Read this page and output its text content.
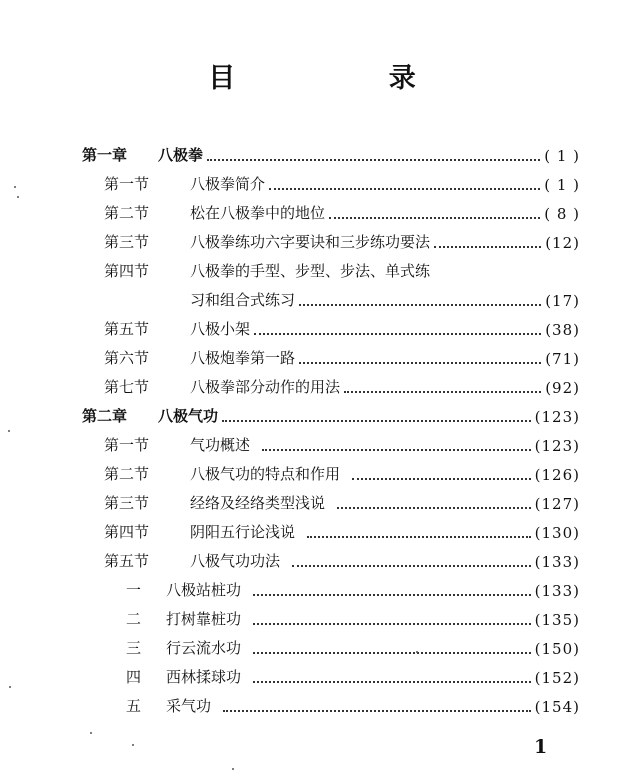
目 录
第一章	八极拳	( 1 )
第一节	八极拳简介	( 1 )
第二节	松在八极拳中的地位	( 8 )
第三节	八极拳练功六字要诀和三步练功要法	(12)
第四节	八极拳的手型、步型、步法、单式练
习和组合式练习	(17)
第五节	八极小架	(38)
第六节	八极炮拳第一路	(71)
第七节	八极拳部分动作的用法	(92)
第二章	八极气功	(123)
第一节	气功概述	(123)
第二节	八极气功的特点和作用	(126)
第三节	经络及经络类型浅说	(127)
第四节	阴阳五行论浅说	(130)
第五节	八极气功功法	(133)
一	八极站桩功	(133)
二	打树靠桩功	(135)
三	行云流水功	(150)
四	西林揉球功	(152)
五	采气功	(154)
1
